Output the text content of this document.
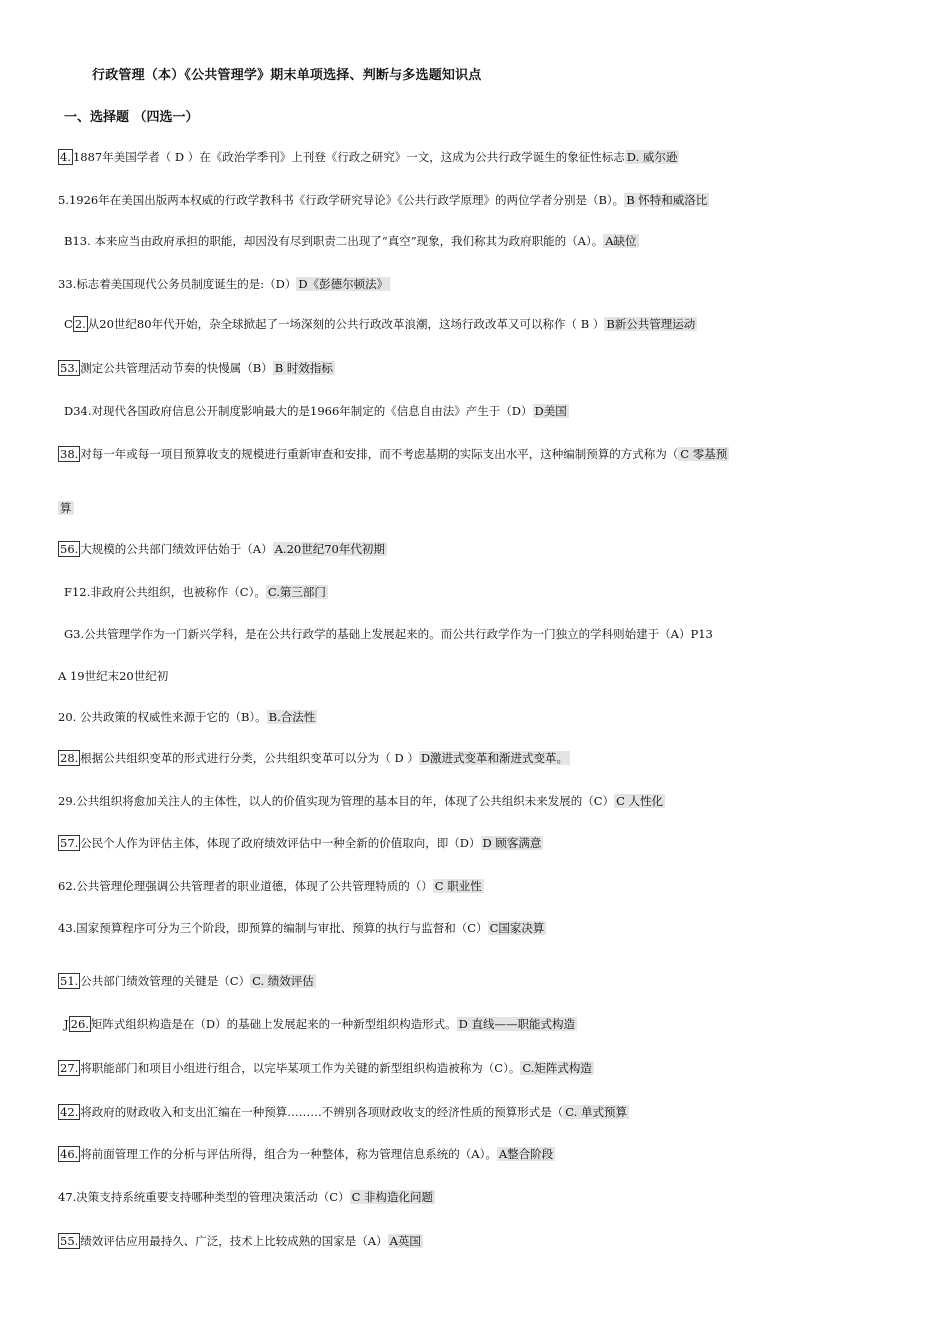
行政管理（本）《公共管理学》期末单项选择、判断与多选题知识点
一、选择题 （四选一）
4. 1887年美国学者（ D ）在《政治学季刊》上刊登《行政之研究》一文，这成为公共行政学诞生的象征性标志 D. 威尔逊
5.1926年在美国出版两本权威的行政学教科书《行政学研究导论》《公共行政学原理》的两位学者分别是（B）。 B 怀特和威洛比
B13. 本来应当由政府承担的职能，却因没有尽到职责二出现了“真空”现象，我们称其为政府职能的（A）。 A缺位
33.标志着美国现代公务员制度诞生的是:（D） D《彭德尔顿法》
C 2. 从20世纪80年代开始，杂全球掀起了一场深刻的公共行政改革浪潮，这场行政改革又可以称作（ B ） B新公共管理运动
53. 测定公共管理活动节奏的快慢属（B） B 时效指标
D34.对现代各国政府信息公开制度影响最大的是1966年制定的《信息自由法》产生于（D） D美国
38. 对每一年或每一项目预算收支的规模进行重新审查和安排，而不考虑基期的实际支出水平，这种编制预算的方式称为（ C 零基预
算
56. 大规模的公共部门绩效评估始于（A） A.20世纪70年代初期
F12.非政府公共组织，也被称作（C）。 C.第三部门
G3.公共管理学作为一门新兴学科，是在公共行政学的基础上发展起来的。而公共行政学作为一门独立的学科则始建于（A）P13
A 19世纪末20世纪初
20. 公共政策的权威性来源于它的（B）。 B.合法性
28. 根据公共组织变革的形式进行分类，公共组织变革可以分为（ D ） D激进式变革和渐进式变革。
29.公共组织将愈加关注人的主体性，以人的价值实现为管理的基本目的年，体现了公共组织未来发展的（C） C 人性化
57. 公民个人作为评估主体，体现了政府绩效评估中一种全新的价值取向，即（D） D 顾客满意
62.公共管理伦理强调公共管理者的职业道德，体现了公共管理特质的（） C 职业性
43.国家预算程序可分为三个阶段，即预算的编制与审批、预算的执行与监督和（C） C国家决算
51. 公共部门绩效管理的关键是（C） C. 绩效评估
J 26. 矩阵式组织构造是在（D）的基础上发展起来的一种新型组织构造形式。 D 直线——职能式构造
27. 将职能部门和项目小组进行组合，以完毕某项工作为关键的新型组织构造被称为（C）。 C.矩阵式构造
42. 将政府的财政收入和支出汇编在一种预算………不辨别各项财政收支的经济性质的预算形式是（ C. 单式预算
46. 将前面管理工作的分析与评估所得，组合为一种整体，称为管理信息系统的（A）。 A整合阶段
47.决策支持系统重要支持哪种类型的管理决策活动（C） C 非构造化问题
55. 绩效评估应用最持久、广泛，技术上比较成熟的国家是（A） A英国
